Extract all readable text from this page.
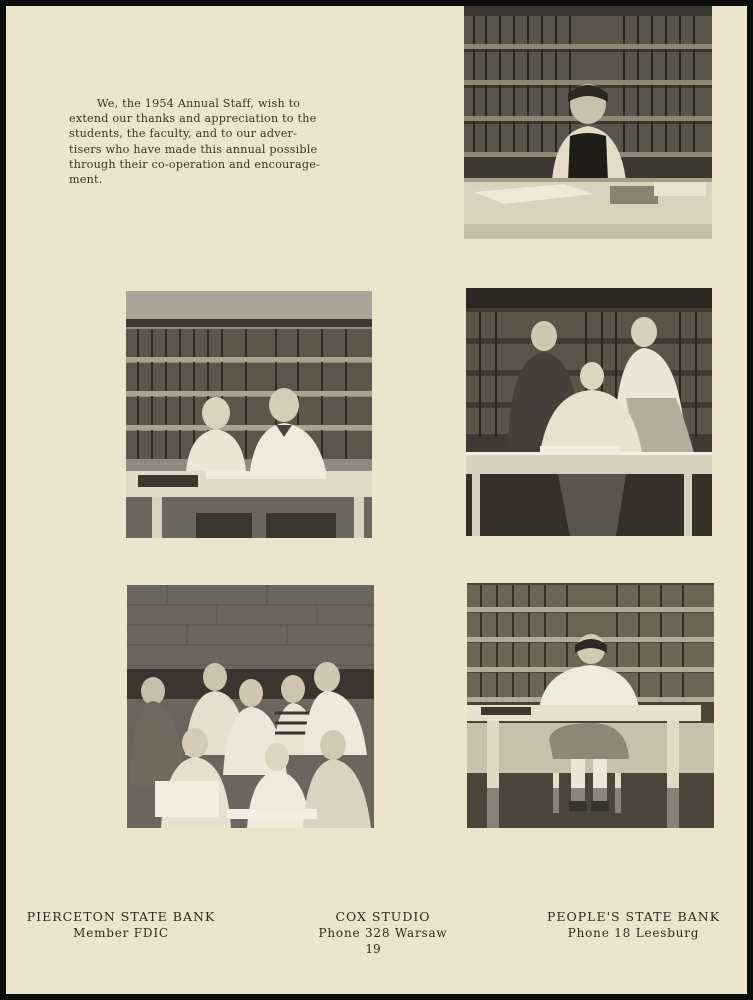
We, the 1954 Annual Staff, wish to
extend our thanks and appreciation to the
students, the faculty, and to our adver-
tisers who have made this annual possible
through their co-operation and encourage-
ment.
PIERCETON STATE BANK
Member FDIC
COX STUDIO
Phone 328 Warsaw
PEOPLE'S STATE BANK
Phone 18 Leesburg
19
